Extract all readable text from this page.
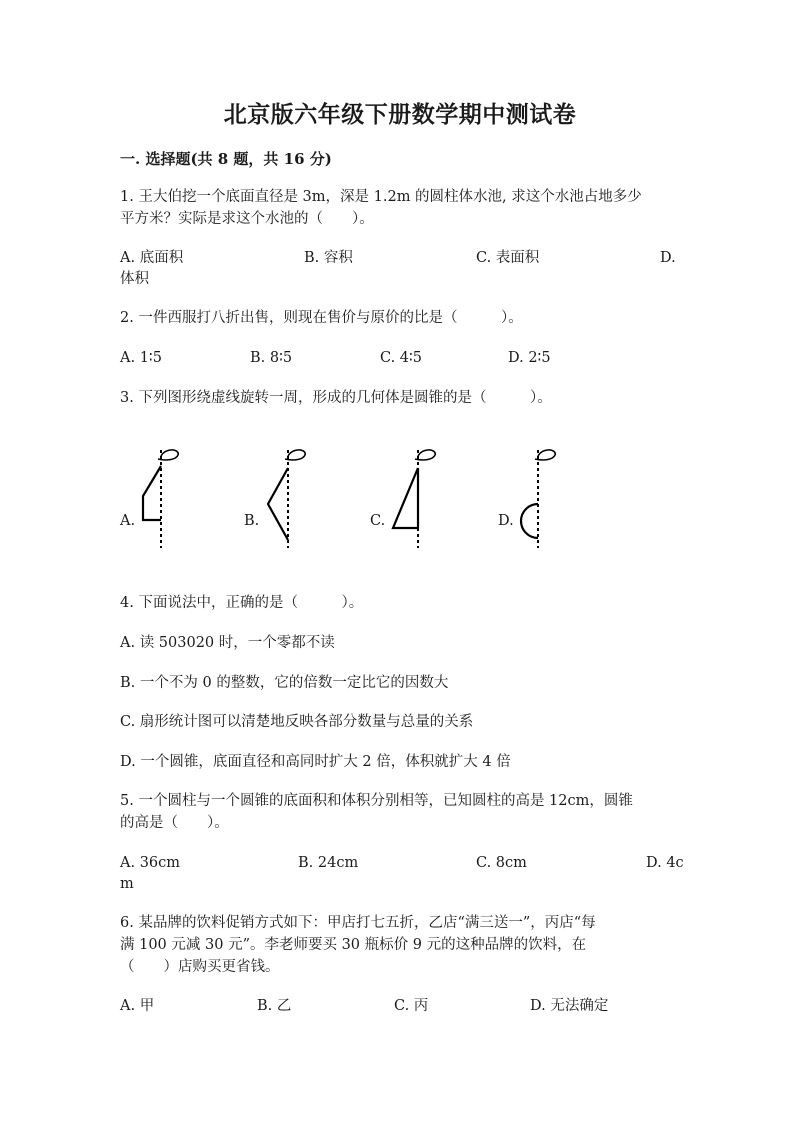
北京版六年级下册数学期中测试卷
一. 选择题(共 8 题，共 16 分)
1. 王大伯挖一个底面直径是 3m，深是 1.2m 的圆柱体水池, 求这个水池占地多少
平方米？实际是求这个水池的（　　）。
A. 底面积	B. 容积	C. 表面积	D.
体积
2. 一件西服打八折出售，则现在售价与原价的比是（　　　）。
A. 1∶5	B. 8∶5	C. 4∶5	D. 2∶5
3. 下列图形绕虚线旋转一周，形成的几何体是圆锥的是（　　　）。
A.	B.	C.	D.
4. 下面说法中，正确的是（　　　）。
A. 读 503020 时，一个零都不读
B. 一个不为 0 的整数，它的倍数一定比它的因数大
C. 扇形统计图可以清楚地反映各部分数量与总量的关系
D. 一个圆锥，底面直径和高同时扩大 2 倍，体积就扩大 4 倍
5. 一个圆柱与一个圆锥的底面积和体积分别相等，已知圆柱的高是 12cm，圆锥
的高是（　　）。
A. 36cm	B. 24cm	C. 8cm	D. 4c
m
6. 某品牌的饮料促销方式如下：甲店打七五折，乙店“满三送一”，丙店“每
满 100 元减 30 元”。李老师要买 30 瓶标价 9 元的这种品牌的饮料，在
（　　）店购买更省钱。
A. 甲	B. 乙	C. 丙	D. 无法确定
